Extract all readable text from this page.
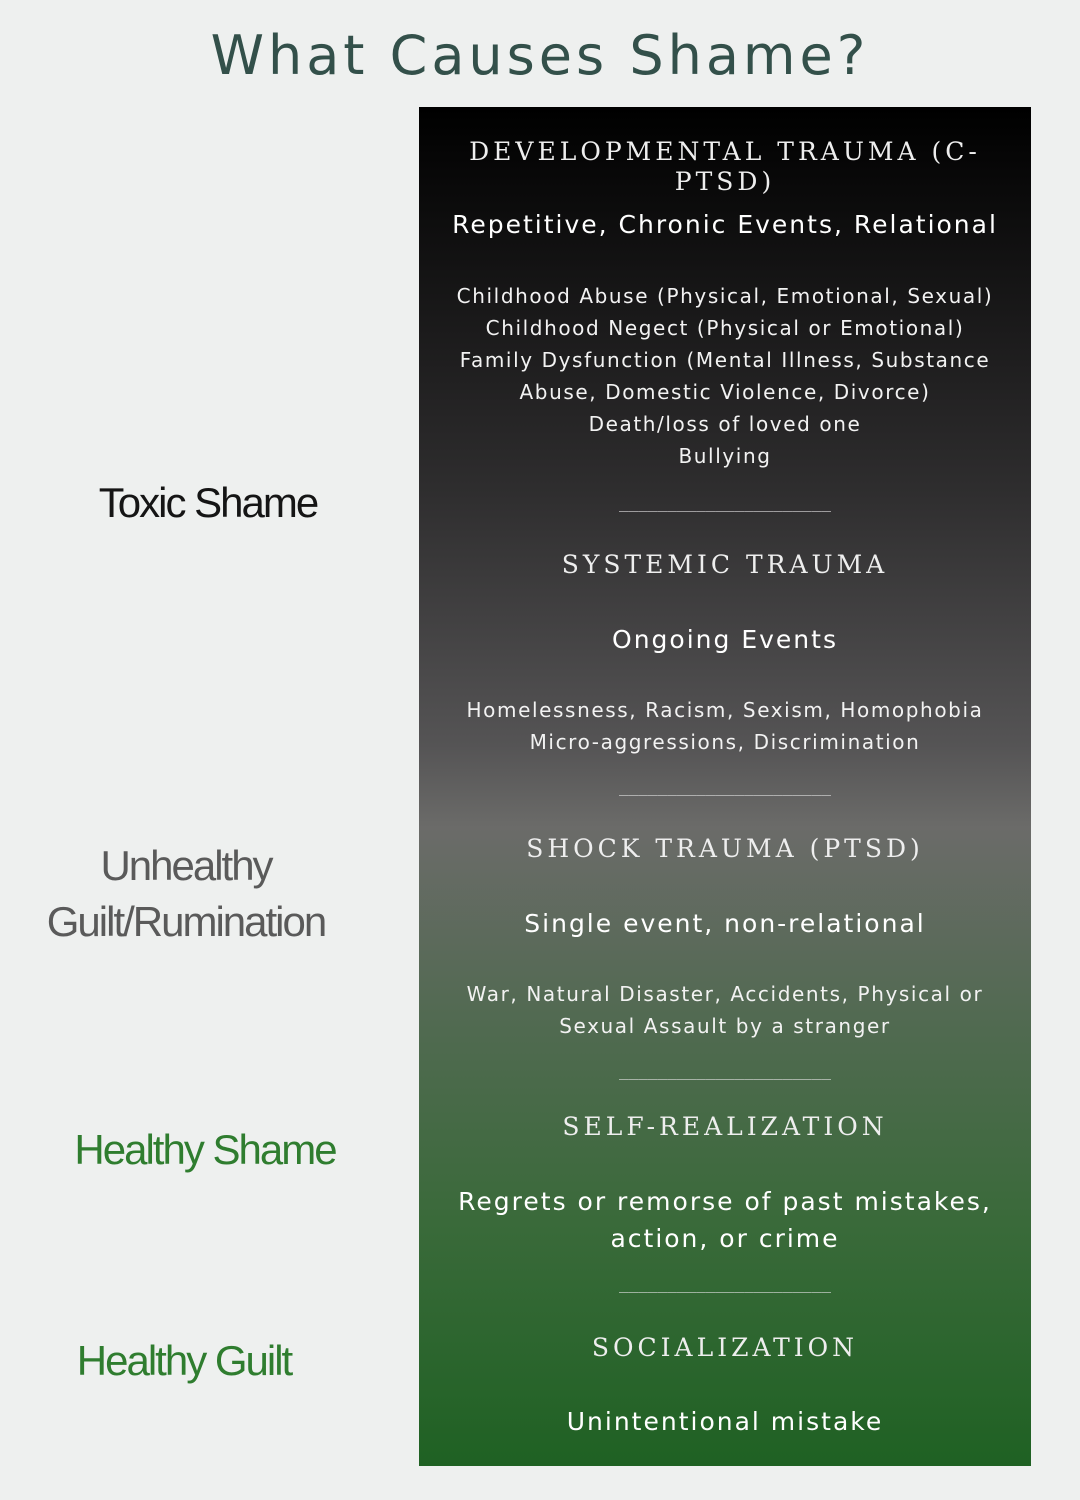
What Causes Shame?
Toxic Shame
Unhealthy
Guilt/Rumination
Healthy Shame
Healthy Guilt
DEVELOPMENTAL TRAUMA (C-PTSD)
Repetitive, Chronic Events, Relational
Childhood Abuse (Physical, Emotional, Sexual)
Childhood Negect (Physical or Emotional)
Family Dysfunction (Mental Illness, Substance
Abuse, Domestic Violence, Divorce)
Death/loss of loved one
Bullying
______________________
SYSTEMIC TRAUMA
Ongoing Events
Homelessness, Racism, Sexism, Homophobia
Micro-aggressions, Discrimination
______________________
SHOCK TRAUMA (PTSD)
Single event, non-relational
War, Natural Disaster, Accidents, Physical or
Sexual Assault by a stranger
______________________
SELF-REALIZATION
Regrets or remorse of past mistakes,
action, or crime
______________________
SOCIALIZATION
Unintentional mistake
